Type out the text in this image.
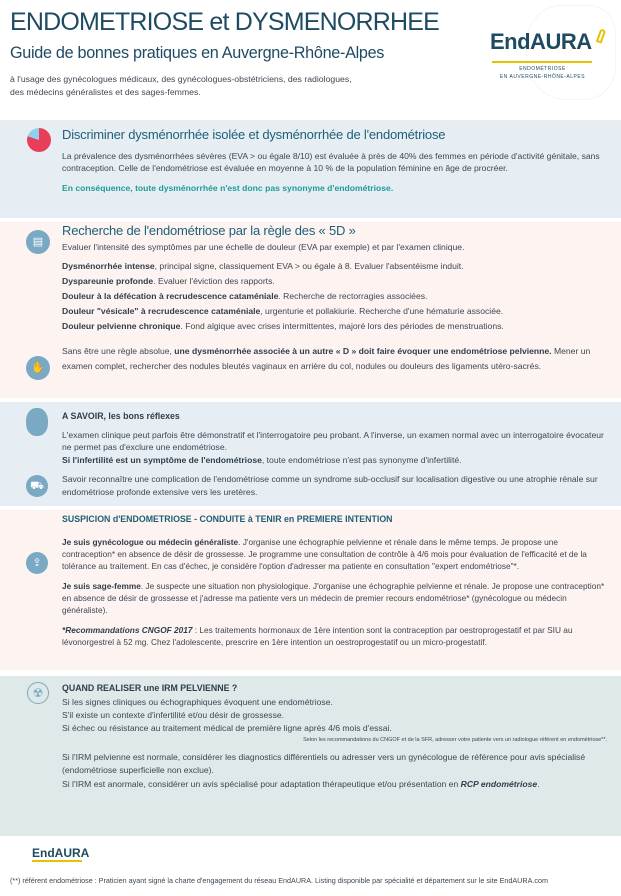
ENDOMETRIOSE et DYSMENORRHEE
Guide de bonnes pratiques en Auvergne-Rhône-Alpes
à l'usage des gynécologues médicaux, des gynécologues-obstétriciens, des radiologues,
des médecins généralistes et des sages-femmes.
EndAURA
ENDOMÉTRIOSE
EN AUVERGNE-RHÔNE-ALPES
Discriminer dysménorrhée isolée et dysménorrhée de l'endométriose
La prévalence des dysménorrhées sévères (EVA > ou égale 8/10) est évaluée à près de 40% des femmes en période d'activité génitale, sans contraception. Celle de l'endométriose est évaluée en moyenne à 10 % de la population féminine en âge de procréer.
En conséquence, toute dysménorrhée n'est donc pas synonyme d'endométriose.
▤
Recherche de l'endométriose par la règle des « 5D »
Evaluer l'intensité des symptômes par une échelle de douleur (EVA par exemple) et par l'examen clinique.
Dysménorrhée intense, principal signe, classiquement EVA > ou égale à 8. Evaluer l'absentéisme induit.
Dyspareunie profonde. Evaluer l'éviction des rapports.
Douleur à la défécation à recrudescence cataméniale. Recherche de rectorragies associées.
Douleur "vésicale" à recrudescence cataméniale, urgenturie et pollakiurie. Recherche d'une hématurie associée.
Douleur pelvienne chronique. Fond algique avec crises intermittentes, majoré lors des périodes de menstruations.
✋
Sans être une règle absolue, une dysménorrhée associée à un autre « D » doit faire évoquer une endométriose pelvienne. Mener un examen complet, rechercher des nodules bleutés vaginaux en arrière du col, nodules ou douleurs des ligaments utéro-sacrés.
A SAVOIR, les bons réflexes
L'examen clinique peut parfois être démonstratif et l'interrogatoire peu probant. A l'inverse, un examen normal avec un interrogatoire évocateur ne permet pas d'exclure une endométriose.
Si l'infertilité est un symptôme de l'endométriose, toute endométriose n'est pas synonyme d'infertilité.
⛟
Savoir reconnaître une complication de l'endométriose comme un syndrome sub-occlusif sur localisation digestive ou une atrophie rénale sur endométriose profonde extensive vers les uretères.
⇪
SUSPICION d'ENDOMETRIOSE - CONDUITE à TENIR en PREMIERE INTENTION
Je suis gynécologue ou médecin généraliste. J'organise une échographie pelvienne et rénale dans le même temps. Je propose une contraception* en absence de désir de grossesse. Je programme une consultation de contrôle à 4/6 mois pour évaluation de l'efficacité et de la tolérance au traitement. En cas d'échec, je considère l'option d'adresser ma patiente en consultation "expert endométriose"*.
Je suis sage-femme. Je suspecte une situation non physiologique. J'organise une échographie pelvienne et rénale. Je propose une contraception* en absence de désir de grossesse et j'adresse ma patiente vers un médecin de premier recours endométriose* (gynécologue ou médecin généraliste).
*Recommandations CNGOF 2017 : Les traitements hormonaux de 1ère intention sont la contraception par oestroprogestatif et par SIU au lévonorgestrel à 52 mg. Chez l'adolescente, prescrire en 1ère intention un oestroprogestatif ou un micro-progestatif.
☢	QUAND REALISER une IRM PELVIENNE ?
Si les signes cliniques ou échographiques évoquent une endométriose.
S'il existe un contexte d'infertilité et/ou désir de grossesse.
Si échec ou résistance au traitement médical de première ligne après 4/6 mois d'essai.
Selon les recommandations du CNGOF et de la SFR, adresser votre patiente vers un radiologue référent en endométriose**.
Si l'IRM pelvienne est normale, considérer les diagnostics différentiels ou adresser vers un gynécologue de référence pour avis spécialisé (endométriose superficielle non exclue).
Si l'IRM est anormale, considérer un avis spécialisé pour adaptation thérapeutique et/ou présentation en RCP endométriose.
EndAURA
(**) référent endométriose : Praticien ayant signé la charte d'engagement du réseau EndAURA. Listing disponible par spécialité et département sur le site EndAURA.com
